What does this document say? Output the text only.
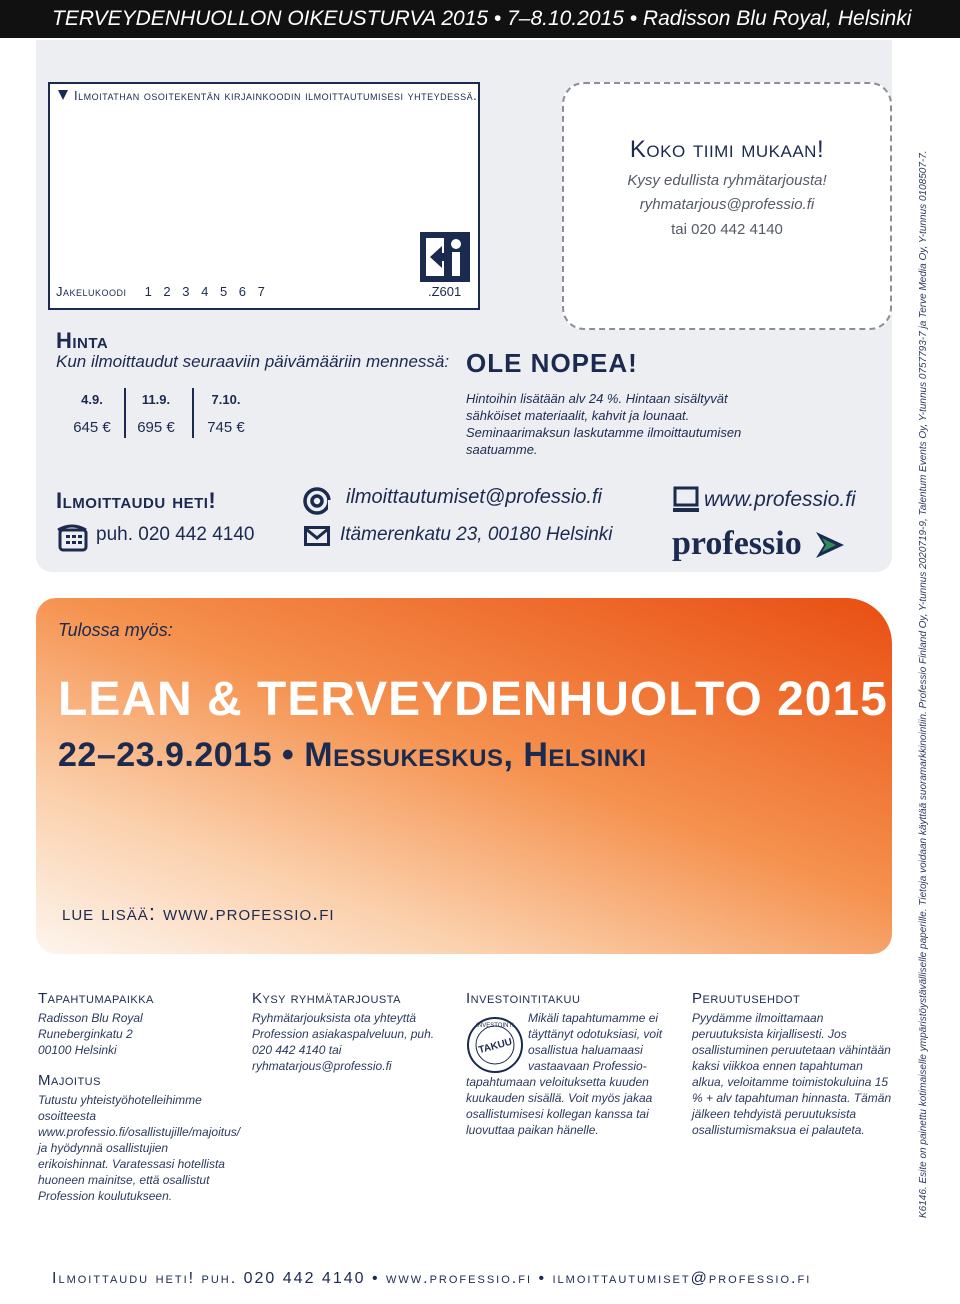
TERVEYDENHUOLLON OIKEUSTURVA 2015 • 7–8.10.2015 • Radisson Blu Royal, Helsinki
Ilmoitathan osoitekentän kirjainkoodin ilmoittautumisesi yhteydessä.
Jakelukoodi 1 2 3 4 5 6 7	.Z601
Koko tiimi mukaan!
Kysy edullista ryhmätarjousta!
ryhmatarjous@professio.fi
tai 020 442 4140
Hinta
Kun ilmoittaudut seuraaviin päivämääriin mennessä:
4.9.
645 €
11.9.
695 €
7.10.
745 €
OLE NOPEA!
Hintoihin lisätään alv 24 %. Hintaan sisältyvät sähköiset materiaalit, kahvit ja lounaat. Seminaarimaksun laskutamme ilmoittautumisen saatuamme.
Ilmoittaudu heti!
puh. 020 442 4140
ilmoittautumiset@professio.fi
Itämerenkatu 23, 00180 Helsinki
www.professio.fi
professio
Tulossa myös:
LEAN & TERVEYDENHUOLTO 2015
22–23.9.2015 • Messukeskus, Helsinki
lue lisää: www.professio.fi
Tapahtumapaikka
Radisson Blu Royal
Runeberginkatu 2
00100 Helsinki
Majoitus
Tutustu yhteistyöhotelleihimme osoitteesta www.professio.fi/osallistujille/majoitus/ ja hyödynnä osallistujien erikoishinnat. Varatessasi hotellista huoneen mainitse, että osallistut Profession koulutukseen.
Kysy ryhmätarjousta
Ryhmätarjouksista ota yhteyttä Profession asiakaspalveluun, puh. 020 442 4140 tai ryhmatarjous@professio.fi
Investointitakuu
TAKUU
INVESTOINTI
Mikäli tapahtumamme ei täyttänyt odotuksiasi, voit osallistua haluamaasi vastaavaan Professio-
tapahtumaan veloituksetta kuuden kuukauden sisällä. Voit myös jakaa osallistumisesi kollegan kanssa tai luovuttaa paikan hänelle.
Peruutusehdot
Pyydämme ilmoittamaan peruutuksista kirjallisesti. Jos osallistuminen peruutetaan vähintään kaksi viikkoa ennen tapahtuman alkua, veloitamme toimistokuluina 15 % + alv tapahtuman hinnasta. Tämän jälkeen tehdyistä peruutuksista osallistumismaksua ei palauteta.
Ilmoittaudu heti! puh. 020 442 4140 • www.professio.fi • ilmoittautumiset@professio.fi
K6146. Esite on painettu kotimaiselle ympäristöystävälliselle paperille. Tietoja voidaan käyttää suoramarkkinointiin. Professio Finland Oy, Y-tunnus 2020719-9, Talentum Events Oy, Y-tunnus 0757793-7 ja Terve Media Oy, Y-tunnus 0108507-7.
